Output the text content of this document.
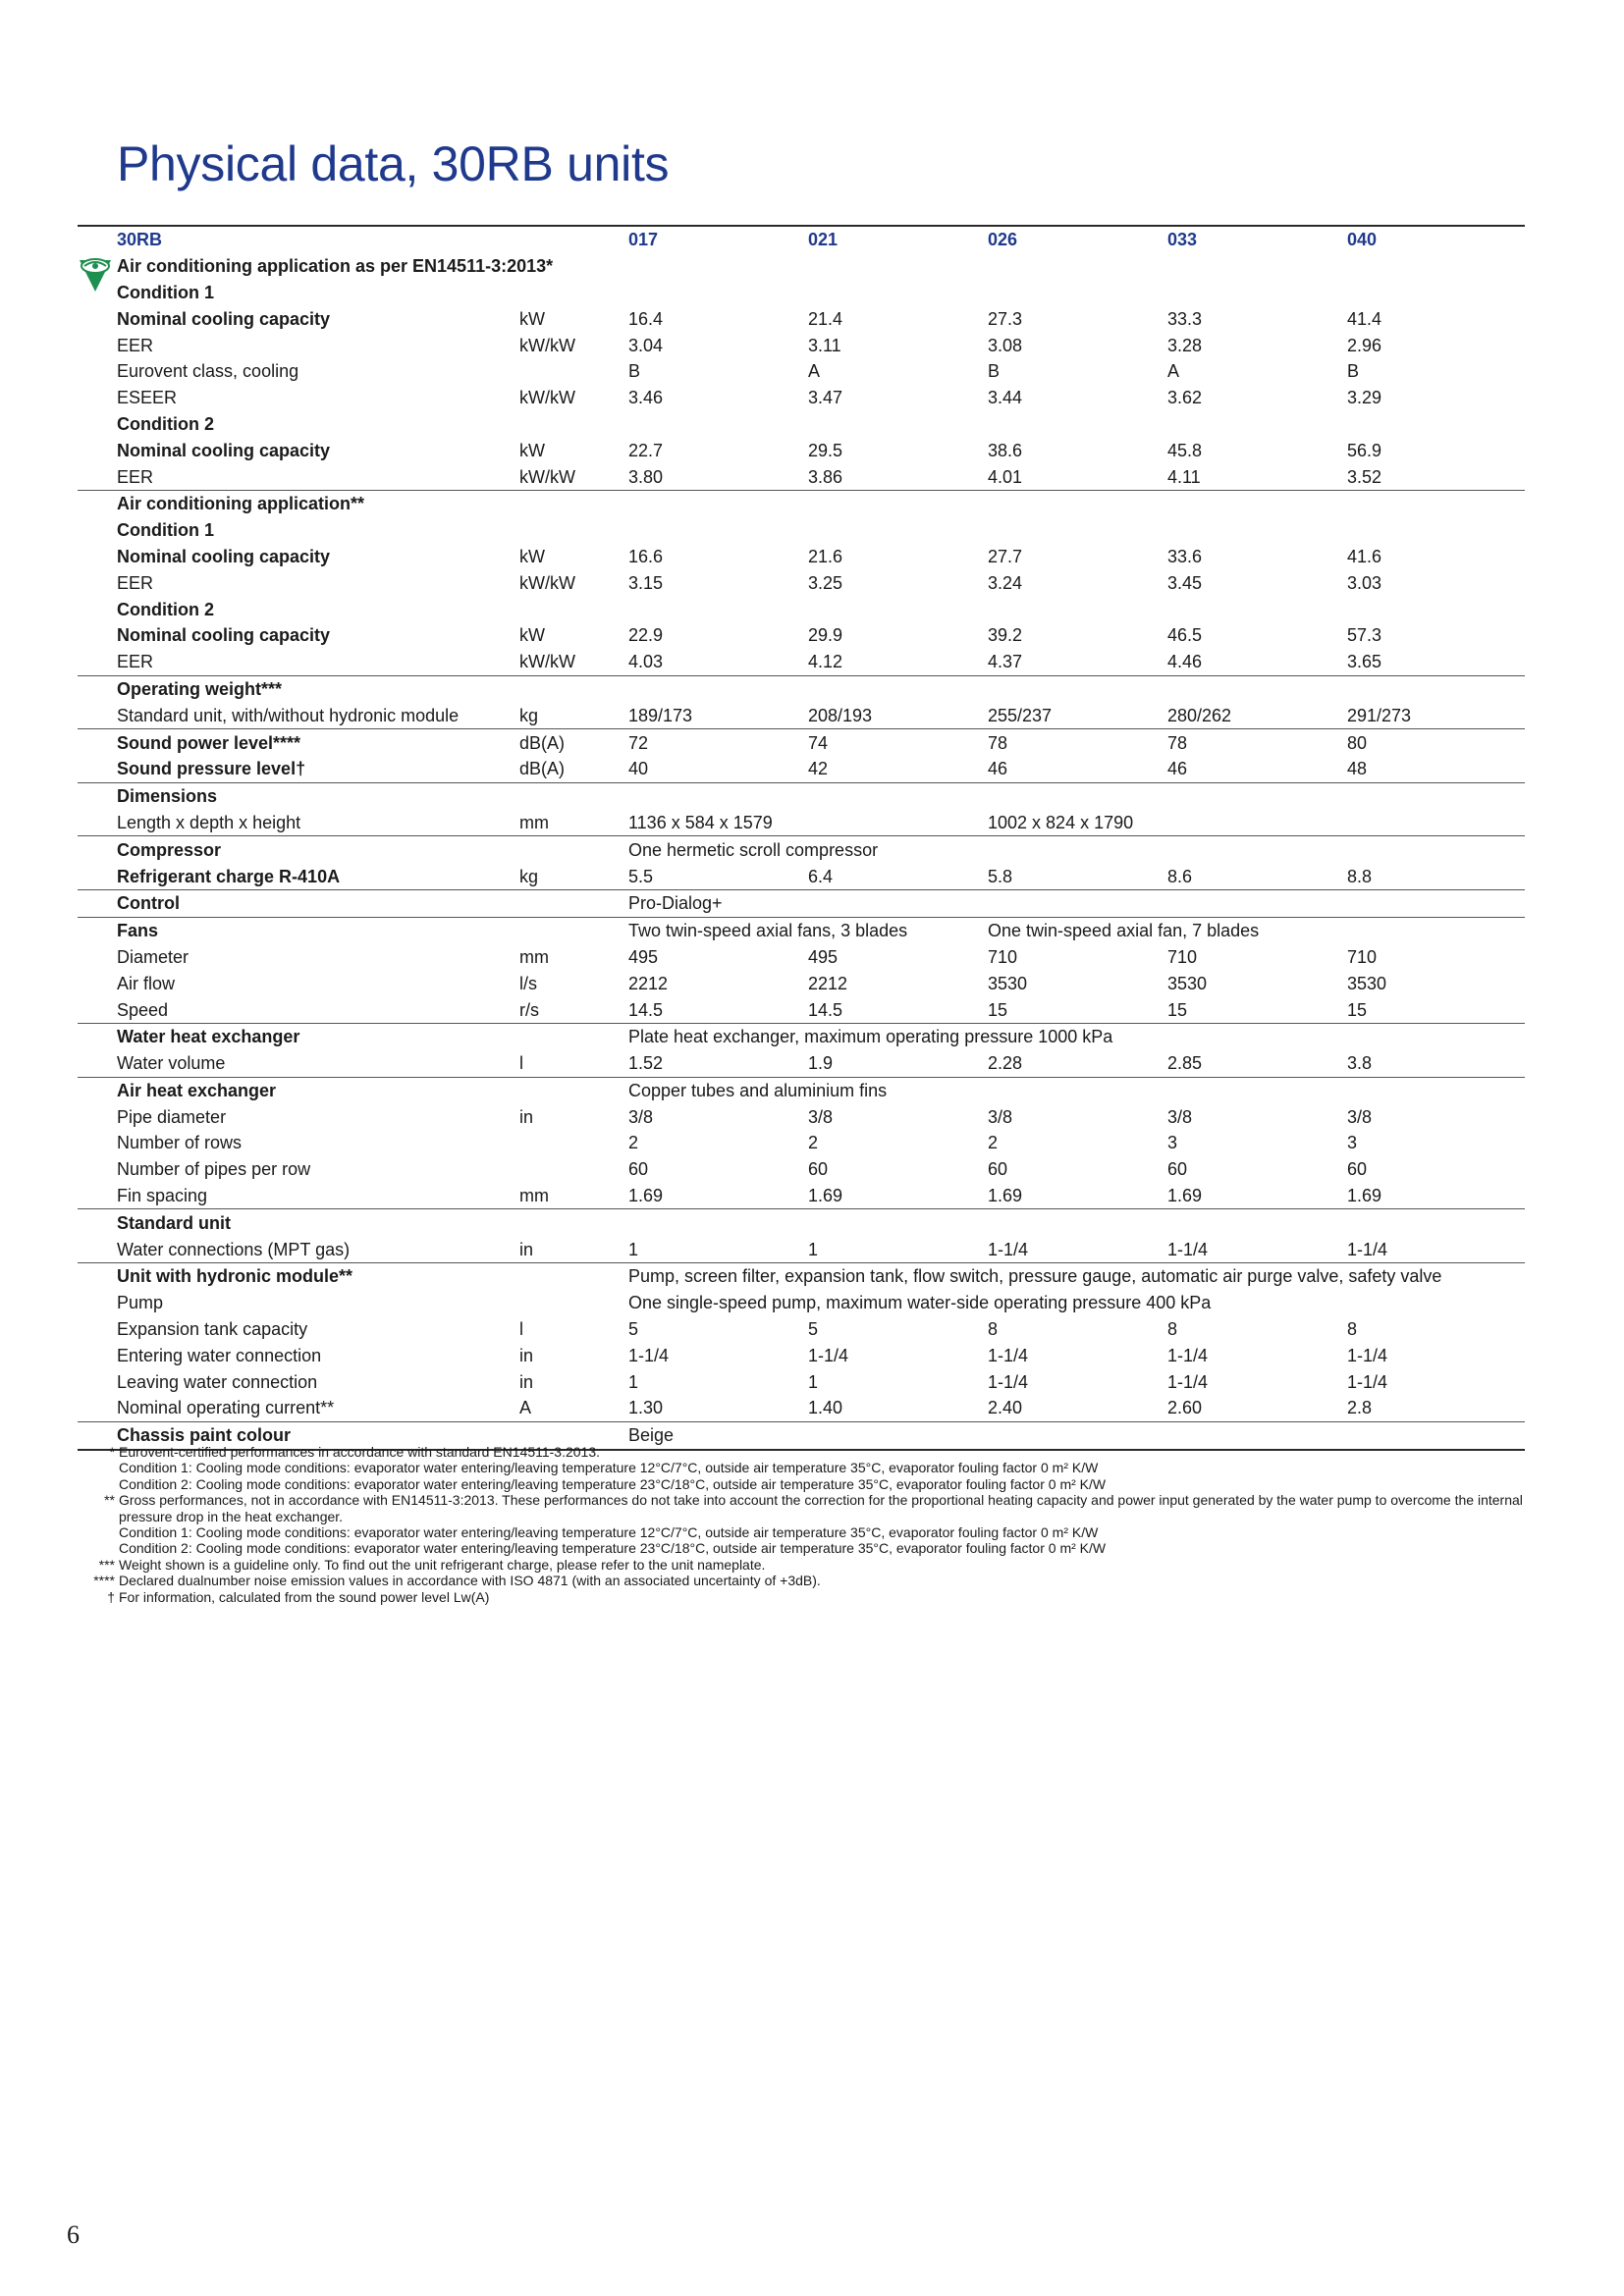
Physical data, 30RB units
	30RB		017	021	026	033	040
	Air conditioning application as per EN14511-3:2013*						
	Condition 1						
	Nominal cooling capacity	kW	16.4	21.4	27.3	33.3	41.4
	EER	kW/kW	3.04	3.11	3.08	3.28	2.96
	Eurovent class, cooling		B	A	B	A	B
	ESEER	kW/kW	3.46	3.47	3.44	3.62	3.29
	Condition 2						
	Nominal cooling capacity	kW	22.7	29.5	38.6	45.8	56.9
	EER	kW/kW	3.80	3.86	4.01	4.11	3.52
	Air conditioning application**						
	Condition 1						
	Nominal cooling capacity	kW	16.6	21.6	27.7	33.6	41.6
	EER	kW/kW	3.15	3.25	3.24	3.45	3.03
	Condition 2						
	Nominal cooling capacity	kW	22.9	29.9	39.2	46.5	57.3
	EER	kW/kW	4.03	4.12	4.37	4.46	3.65
	Operating weight***						
	Standard unit, with/without hydronic module	kg	189/173	208/193	255/237	280/262	291/273
	Sound power level****	dB(A)	72	74	78	78	80
	Sound pressure level†	dB(A)	40	42	46	46	48
	Dimensions						
	Length x depth x height	mm	1136 x 584 x 1579		1002 x 824 x 1790		
	Compressor		One hermetic scroll compressor				
	Refrigerant charge R-410A	kg	5.5	6.4	5.8	8.6	8.8
	Control		Pro-Dialog+				
	Fans		Two twin-speed axial fans, 3 blades		One twin-speed axial fan, 7 blades		
	Diameter	mm	495	495	710	710	710
	Air flow	l/s	2212	2212	3530	3530	3530
	Speed	r/s	14.5	14.5	15	15	15
	Water heat exchanger		Plate heat exchanger, maximum operating pressure 1000 kPa				
	Water volume	l	1.52	1.9	2.28	2.85	3.8
	Air heat exchanger		Copper tubes and aluminium fins				
	Pipe diameter	in	3/8	3/8	3/8	3/8	3/8
	Number of rows		2	2	2	3	3
	Number of pipes per row		60	60	60	60	60
	Fin spacing	mm	1.69	1.69	1.69	1.69	1.69
	Standard unit						
	Water connections (MPT gas)	in	1	1	1-1/4	1-1/4	1-1/4
	Unit with hydronic module**		Pump, screen filter, expansion tank, flow switch, pressure gauge, automatic air purge valve, safety valve				
	Pump		One single-speed pump, maximum water-side operating pressure 400 kPa				
	Expansion tank capacity	l	5	5	8	8	8
	Entering water connection	in	1-1/4	1-1/4	1-1/4	1-1/4	1-1/4
	Leaving water connection	in	1	1	1-1/4	1-1/4	1-1/4
	Nominal operating current**	A	1.30	1.40	2.40	2.60	2.8
	Chassis paint colour		Beige				
* Eurovent-certified performances in accordance with standard EN14511-3:2013.
Condition 1: Cooling mode conditions: evaporator water entering/leaving temperature 12°C/7°C, outside air temperature 35°C, evaporator fouling factor 0 m² K/W
Condition 2: Cooling mode conditions: evaporator water entering/leaving temperature 23°C/18°C, outside air temperature 35°C, evaporator fouling factor 0 m² K/W
** Gross performances, not in accordance with EN14511-3:2013. These performances do not take into account the correction for the proportional heating capacity and power input generated by the water pump to overcome the internal pressure drop in the heat exchanger.
Condition 1: Cooling mode conditions: evaporator water entering/leaving temperature 12°C/7°C, outside air temperature 35°C, evaporator fouling factor 0 m² K/W
Condition 2: Cooling mode conditions: evaporator water entering/leaving temperature 23°C/18°C, outside air temperature 35°C, evaporator fouling factor 0 m² K/W
*** Weight shown is a guideline only. To find out the unit refrigerant charge, please refer to the unit nameplate.
**** Declared dualnumber noise emission values in accordance with ISO 4871 (with an associated uncertainty of +3dB).
† For information, calculated from the sound power level Lw(A)
6
